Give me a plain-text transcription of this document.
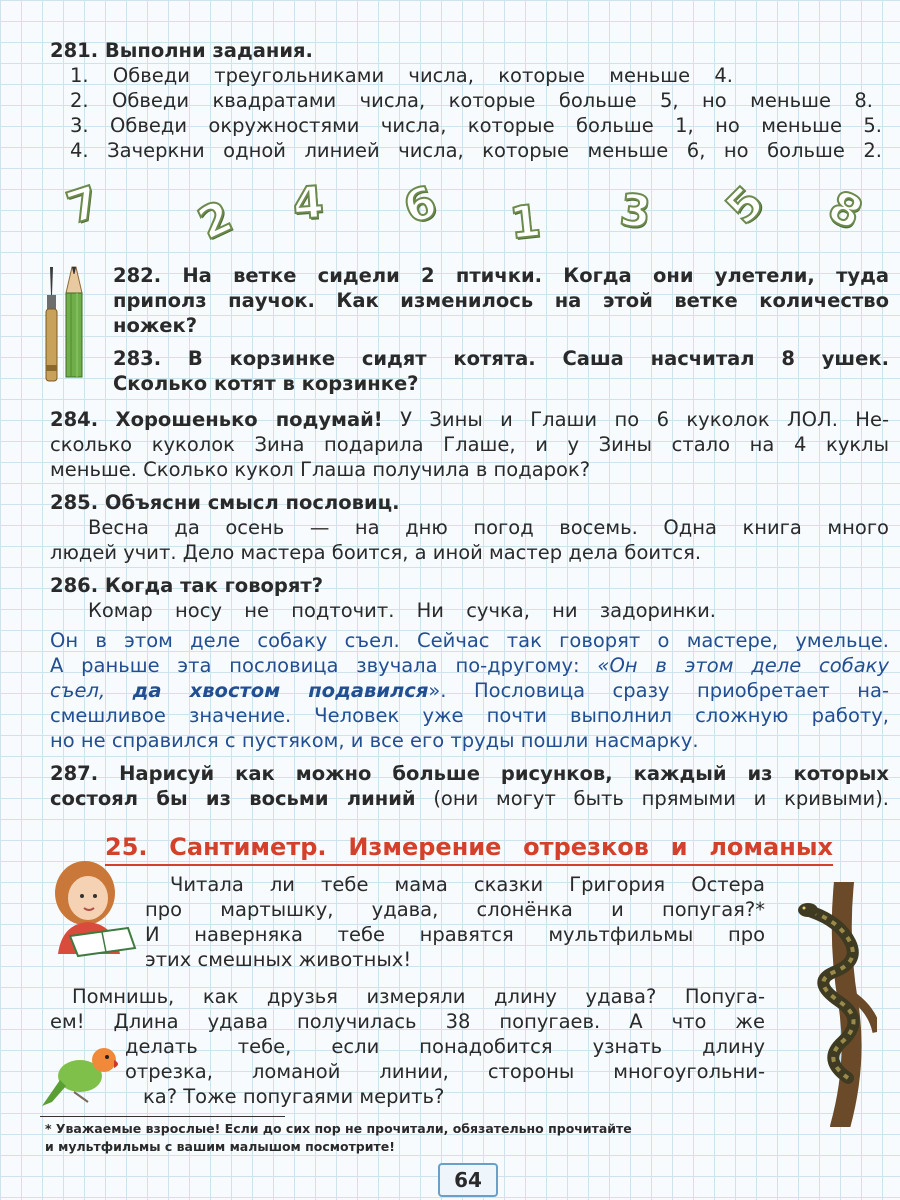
281. Выполни задания.
1. Обведи треугольниками числа, которые меньше 4.
2. Обведи квадратами числа, которые больше 5, но меньше 8.
3. Обведи окружностями числа, которые больше 1, но меньше 5.
4. Зачеркни одной линией числа, которые меньше 6, но больше 2.
7 2 4 6 1 3 5 8
282. На ветке сидели 2 птички. Когда они улетели, туда
приполз паучок. Как изменилось на этой ветке количество
ножек?
283. В корзинке сидят котята. Саша насчитал 8 ушек.
Сколько котят в корзинке?
284. Хорошенько подумай! У Зины и Глаши по 6 куколок ЛОЛ. Не-
сколько куколок Зина подарила Глаше, и у Зины стало на 4 куклы
меньше. Сколько кукол Глаша получила в подарок?
285. Объясни смысл пословиц.
Весна да осень — на дню погод восемь. Одна книга много
людей учит. Дело мастера боится, а иной мастер дела боится.
286. Когда так говорят?
Комар носу не подточит. Ни сучка, ни задоринки.
Он в этом деле собаку съел. Сейчас так говорят о мастере, умельце.
А раньше эта пословица звучала по-другому: «Он в этом деле собаку
съел, да хвостом подавился». Пословица сразу приобретает на-
смешливое значение. Человек уже почти выполнил сложную работу,
но не справился с пустяком, и все его труды пошли насмарку.
287. Нарисуй как можно больше рисунков, каждый из которых
состоял бы из восьми линий (они могут быть прямыми и кривыми).
25. Сантиметр. Измерение отрезков и ломаных
Читала ли тебе мама сказки Григория Остера
про мартышку, удава, слонёнка и попугая?*
И наверняка тебе нравятся мультфильмы про
этих смешных животных!
Помнишь, как друзья измеряли длину удава? Попуга-
ем! Длина удава получилась 38 попугаев. А что же
делать тебе, если понадобится узнать длину
отрезка, ломаной линии, стороны многоугольни-
ка? Тоже попугаями мерить?
* Уважаемые взрослые! Если до сих пор не прочитали, обязательно прочитайте
и мультфильмы с вашим малышом посмотрите!
64
